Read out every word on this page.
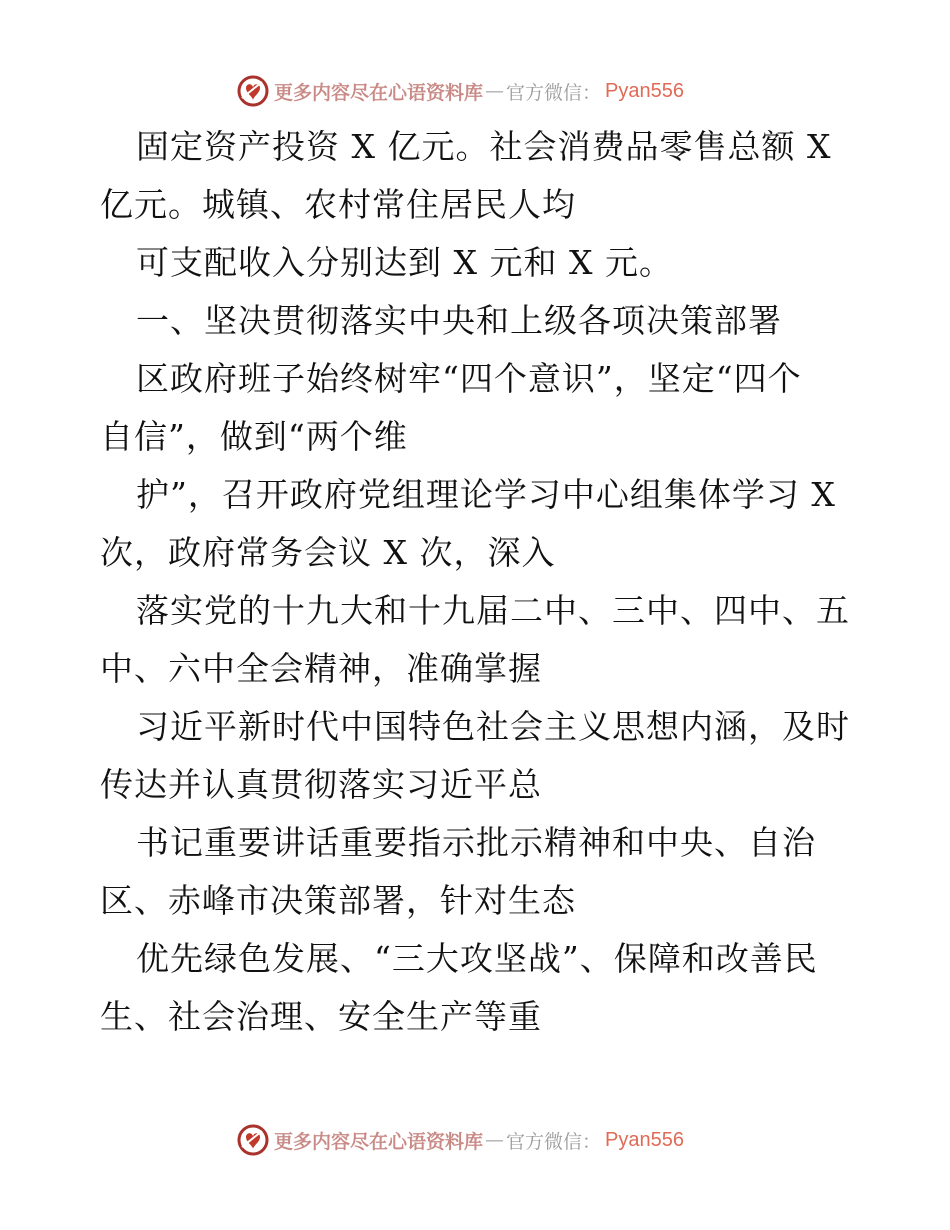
更多内容尽在心语资料库 — 官方微信： Pyan556
固定资产投资 X 亿元。社会消费品零售总额 X
亿元。城镇、农村常住居民人均
可支配收入分别达到 X 元和 X 元。
一、坚决贯彻落实中央和上级各项决策部署
区政府班子始终树牢“四个意识”，坚定“四个
自信”，做到“两个维
护”，召开政府党组理论学习中心组集体学习 X
次，政府常务会议 X 次，深入
落实党的十九大和十九届二中、三中、四中、五
中、六中全会精神，准确掌握
习近平新时代中国特色社会主义思想内涵，及时
传达并认真贯彻落实习近平总
书记重要讲话重要指示批示精神和中央、自治
区、赤峰市决策部署，针对生态
优先绿色发展、“三大攻坚战”、保障和改善民
生、社会治理、安全生产等重
更多内容尽在心语资料库 — 官方微信： Pyan556
